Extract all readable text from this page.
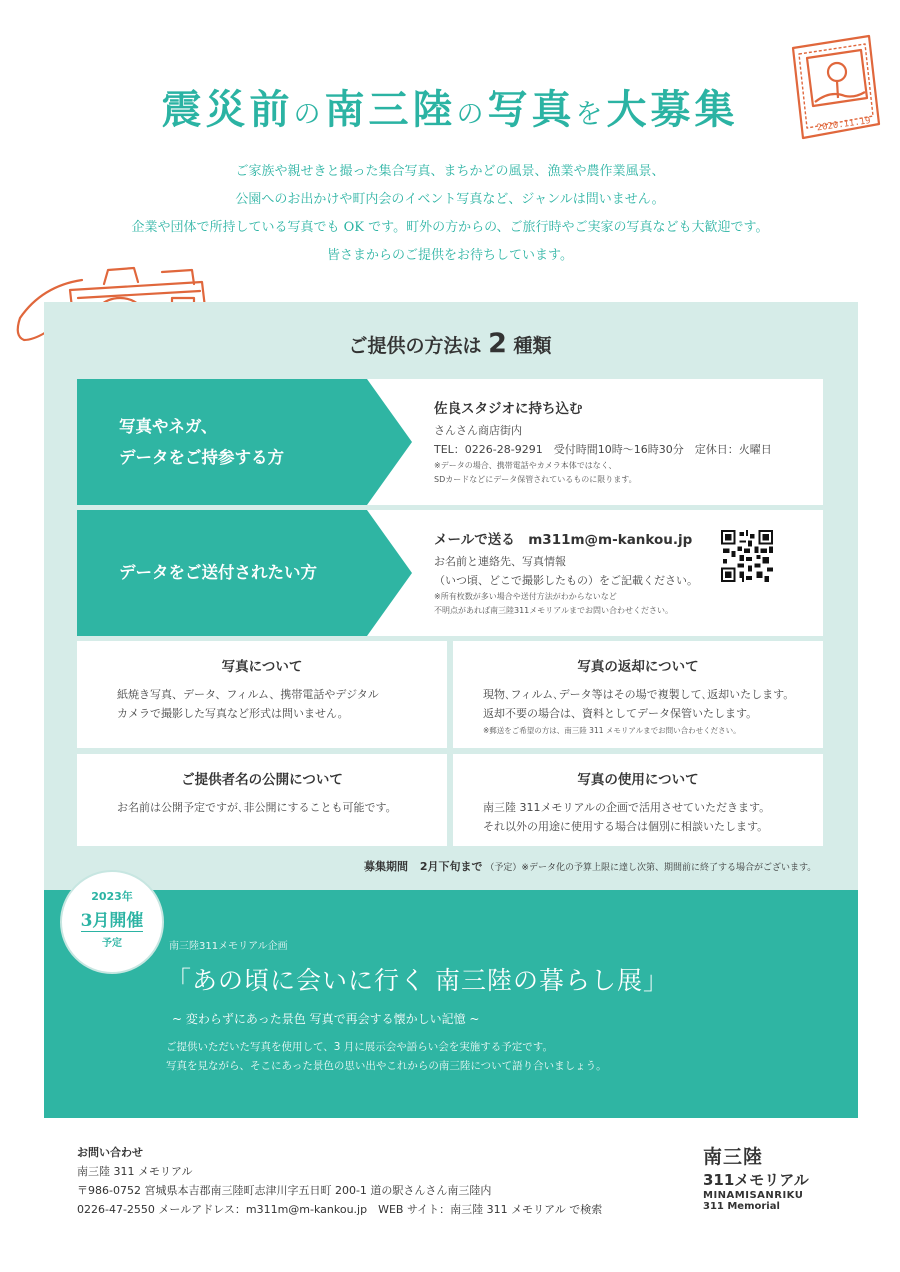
2020.11.19
震災前の南三陸の写真を大募集
ご家族や親せきと撮った集合写真、まちかどの風景、漁業や農作業風景、
公園へのお出かけや町内会のイベント写真など、ジャンルは問いません。
企業や団体で所持している写真でも OK です。町外の方からの、ご旅行時やご実家の写真なども大歓迎です。
皆さまからのご提供をお待ちしています。
ご提供の方法は 2 種類
写真やネガ、
データをご持参する方
佐良スタジオに持ち込む
さんさん商店街内
TEL：0226-28-9291　受付時間10時～16時30分　定休日：火曜日
※データの場合、携帯電話やカメラ本体ではなく、
SDカードなどにデータ保管されているものに限ります。
データをご送付されたい方
メールで送る　m311m@m-kankou.jp
お名前と連絡先、写真情報
（いつ頃、どこで撮影したもの）をご記載ください。
※所有枚数が多い場合や送付方法がわからないなど
不明点があれば南三陸311メモリアルまでお問い合わせください。
写真について
紙焼き写真、データ、フィルム、携帯電話やデジタル
カメラで撮影した写真など形式は問いません。
写真の返却について
現物､フィルム､データ等はその場で複製して､返却いたします。
返却不要の場合は、資料としてデータ保管いたします。
※郵送をご希望の方は、南三陸 311 メモリアルまでお問い合わせください。
ご提供者名の公開について
お名前は公開予定ですが､非公開にすることも可能です。
写真の使用について
南三陸 311メモリアルの企画で活用させていただきます。
それ以外の用途に使用する場合は個別に相談いたします。
募集期間　 2月下旬まで （予定）※データ化の予算上限に達し次第、期間前に終了する場合がございます。
2023年
3月開催
予定	南三陸311メモリアル企画
「あの頃に会いに行く 南三陸の暮らし展」
~ 変わらずにあった景色 写真で再会する懐かしい記憶 ~
ご提供いただいた写真を使用して、3 月に展示会や語らい会を実施する予定です。
写真を見ながら、そこにあった景色の思い出やこれからの南三陸について語り合いましょう。
お問い合わせ
南三陸 311 メモリアル
〒986-0752 宮城県本吉郡南三陸町志津川字五日町 200-1 道の駅さんさん南三陸内
0226-47-2550 メールアドレス：m311m@m-kankou.jp　WEB サイト：南三陸 311 メモリアル で検索
南三陸
311メモリアル
MINAMISANRIKU
311 Memorial
